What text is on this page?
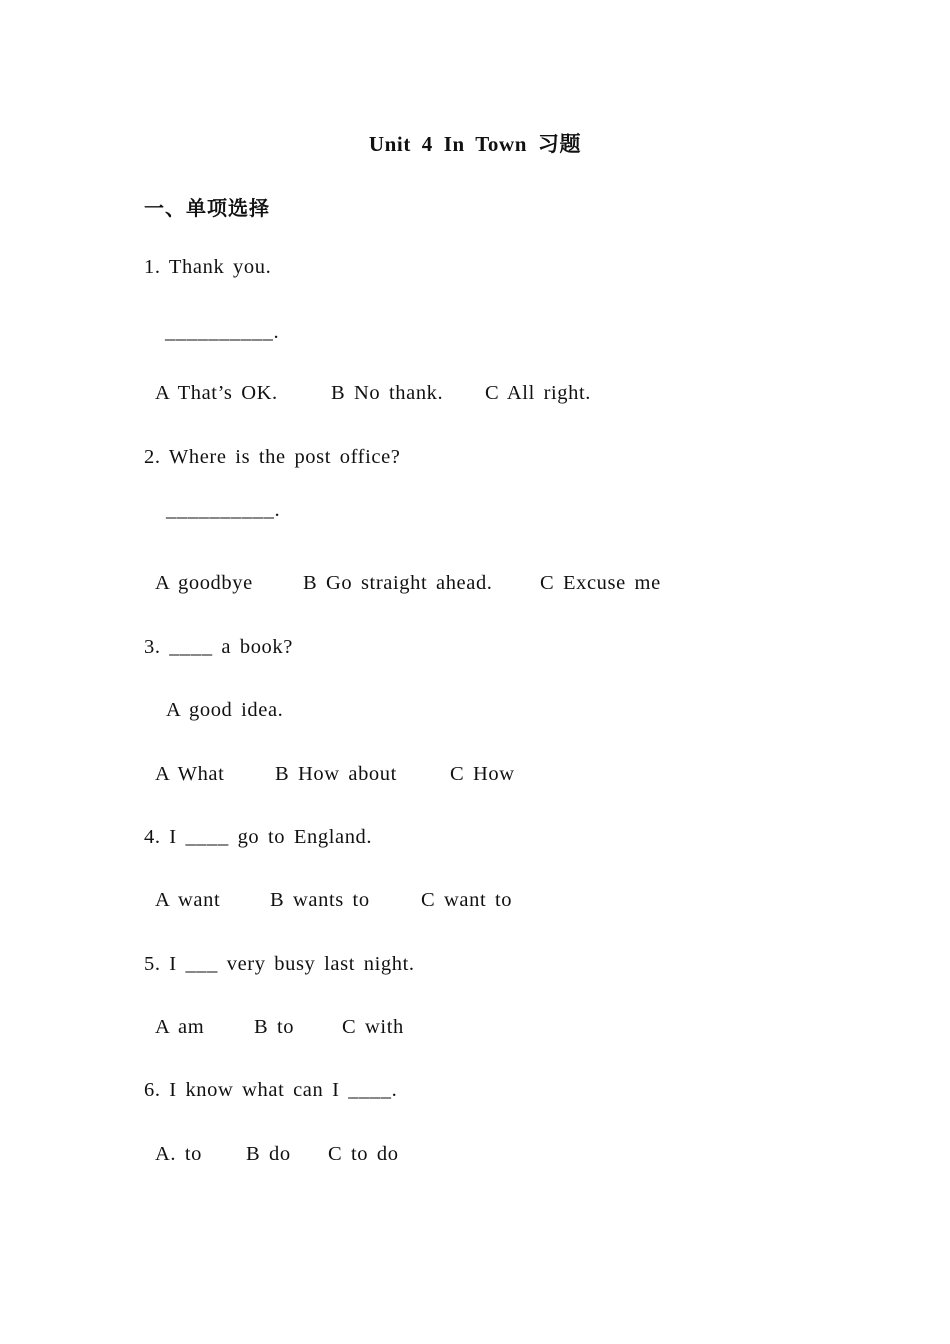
Unit 4 In Town 习题
一、单项选择
1. Thank you.
__________.
A That’s OK.	B No thank. C All right.
2. Where is the post office?
__________.
A goodbye B Go straight ahead. C Excuse me
3. ____ a book?
A good idea.
A What B How about	C How
4. I ____ go to England.
A want B wants to	C want to
5. I ___ very busy last night.
A am B to C with
6. I know what can I ____.
A. to B do C to do
